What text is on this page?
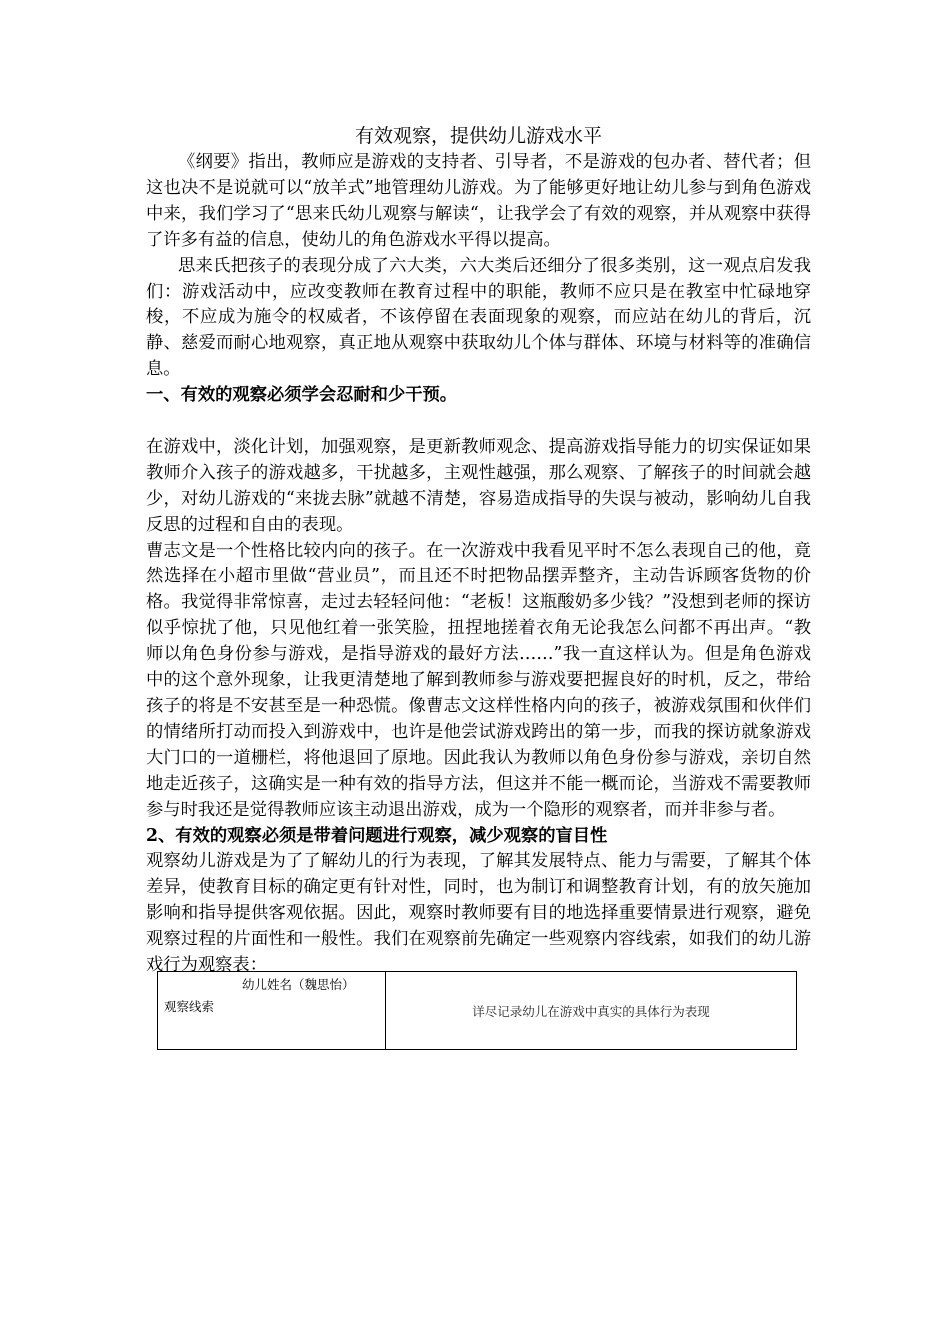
有效观察，提供幼儿游戏水平

《纲要》指出，教师应是游戏的支持者、引导者，不是游戏的包办者、替代者；但这也决不是说就可以“放羊式”地管理幼儿游戏。为了能够更好地让幼儿参与到角色游戏中来，我们学习了“思来氏幼儿观察与解读“，让我学会了有效的观察，并从观察中获得了许多有益的信息，使幼儿的角色游戏水平得以提高。

思来氏把孩子的表现分成了六大类，六大类后还细分了很多类别，这一观点启发我们：游戏活动中，应改变教师在教育过程中的职能，教师不应只是在教室中忙碌地穿梭，不应成为施令的权威者，不该停留在表面现象的观察，而应站在幼儿的背后，沉静、慈爱而耐心地观察，真正地从观察中获取幼儿个体与群体、环境与材料等的准确信息。

一、有效的观察必须学会忍耐和少干预。

在游戏中，淡化计划，加强观察，是更新教师观念、提高游戏指导能力的切实保证如果教师介入孩子的游戏越多，干扰越多，主观性越强，那么观察、了解孩子的时间就会越少，对幼儿游戏的“来拢去脉”就越不清楚，容易造成指导的失误与被动，影响幼儿自我反思的过程和自由的表现。

曹志文是一个性格比较内向的孩子。在一次游戏中我看见平时不怎么表现自己的他，竟然选择在小超市里做“营业员”，而且还不时把物品摆弄整齐，主动告诉顾客货物的价格。我觉得非常惊喜，走过去轻轻问他：“老板！这瓶酸奶多少钱？”没想到老师的探访似乎惊扰了他，只见他红着一张笑脸，扭捏地搓着衣角无论我怎么问都不再出声。“教师以角色身份参与游戏，是指导游戏的最好方法……”我一直这样认为。但是角色游戏中的这个意外现象，让我更清楚地了解到教师参与游戏要把握良好的时机，反之，带给孩子的将是不安甚至是一种恐慌。像曹志文这样性格内向的孩子，被游戏氛围和伙伴们的情绪所打动而投入到游戏中，也许是他尝试游戏跨出的第一步，而我的探访就象游戏大门口的一道栅栏，将他退回了原地。因此我认为教师以角色身份参与游戏，亲切自然地走近孩子，这确实是一种有效的指导方法，但这并不能一概而论，当游戏不需要教师参与时我还是觉得教师应该主动退出游戏，成为一个隐形的观察者，而并非参与者。

2、有效的观察必须是带着问题进行观察，减少观察的盲目性

观察幼儿游戏是为了了解幼儿的行为表现，了解其发展特点、能力与需要，了解其个体差异，使教育目标的确定更有针对性，同时，也为制订和调整教育计划，有的放矢施加影响和指导提供客观依据。因此，观察时教师要有目的地选择重要情景进行观察，避免观察过程的片面性和一般性。我们在观察前先确定一些观察内容线索，如我们的幼儿游戏行为观察表：

幼儿姓名（魏思怡）
观察线索	详尽记录幼儿在游戏中真实的具体行为表现
